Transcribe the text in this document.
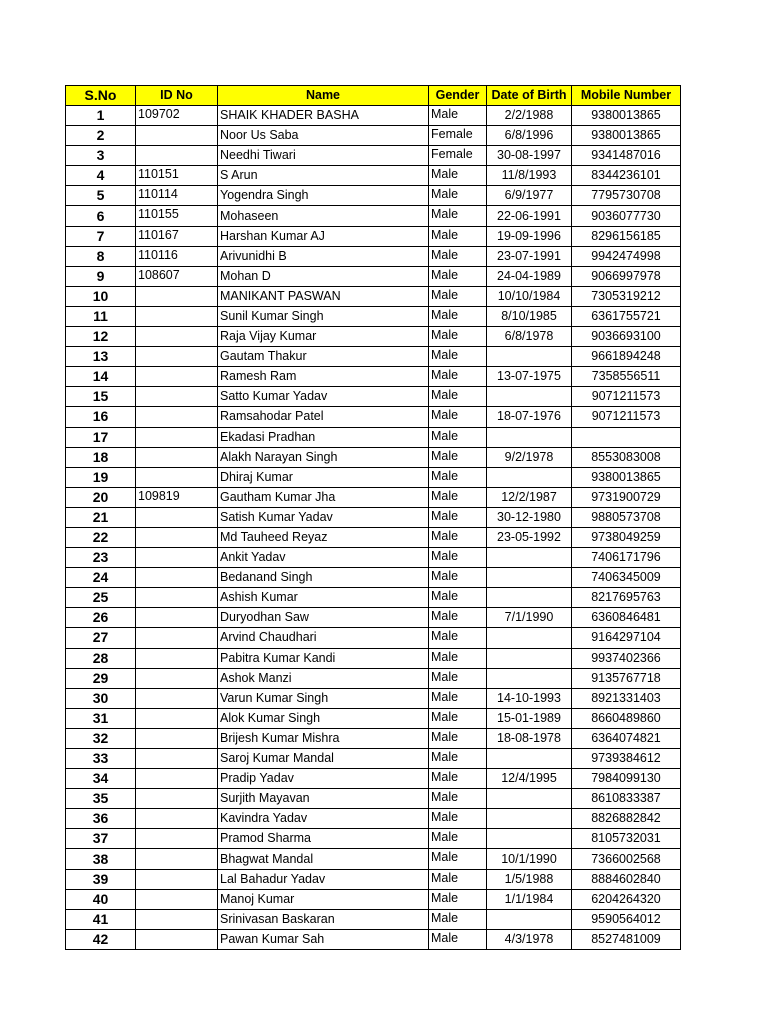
S.No	ID No	Name	Gender	Date of Birth	Mobile Number
1	109702	SHAIK KHADER BASHA	Male	2/2/1988	9380013865
2		Noor Us Saba	Female	6/8/1996	9380013865
3		Needhi Tiwari	Female	30-08-1997	9341487016
4	110151	S Arun	Male	11/8/1993	8344236101
5	110114	Yogendra Singh	Male	6/9/1977	7795730708
6	110155	Mohaseen	Male	22-06-1991	9036077730
7	110167	Harshan Kumar AJ	Male	19-09-1996	8296156185
8	110116	Arivunidhi B	Male	23-07-1991	9942474998
9	108607	Mohan D	Male	24-04-1989	9066997978
10		MANIKANT PASWAN	Male	10/10/1984	7305319212
11		Sunil Kumar Singh	Male	8/10/1985	6361755721
12		Raja Vijay Kumar	Male	6/8/1978	9036693100
13		Gautam Thakur	Male		9661894248
14		Ramesh Ram	Male	13-07-1975	7358556511
15		Satto Kumar Yadav	Male		9071211573
16		Ramsahodar Patel	Male	18-07-1976	9071211573
17		Ekadasi Pradhan	Male		
18		Alakh Narayan Singh	Male	9/2/1978	8553083008
19		Dhiraj Kumar	Male		9380013865
20	109819	Gautham Kumar Jha	Male	12/2/1987	9731900729
21		Satish Kumar Yadav	Male	30-12-1980	9880573708
22		Md Tauheed Reyaz	Male	23-05-1992	9738049259
23		Ankit Yadav	Male		7406171796
24		Bedanand Singh	Male		7406345009
25		Ashish Kumar	Male		8217695763
26		Duryodhan Saw	Male	7/1/1990	6360846481
27		Arvind Chaudhari	Male		9164297104
28		Pabitra Kumar Kandi	Male		9937402366
29		Ashok Manzi	Male		9135767718
30		Varun Kumar Singh	Male	14-10-1993	8921331403
31		Alok Kumar Singh	Male	15-01-1989	8660489860
32		Brijesh Kumar Mishra	Male	18-08-1978	6364074821
33		Saroj Kumar Mandal	Male		9739384612
34		Pradip Yadav	Male	12/4/1995	7984099130
35		Surjith Mayavan	Male		8610833387
36		Kavindra Yadav	Male		8826882842
37		Pramod Sharma	Male		8105732031
38		Bhagwat Mandal	Male	10/1/1990	7366002568
39		Lal Bahadur Yadav	Male	1/5/1988	8884602840
40		Manoj Kumar	Male	1/1/1984	6204264320
41		Srinivasan Baskaran	Male		9590564012
42		Pawan Kumar Sah	Male	4/3/1978	8527481009
